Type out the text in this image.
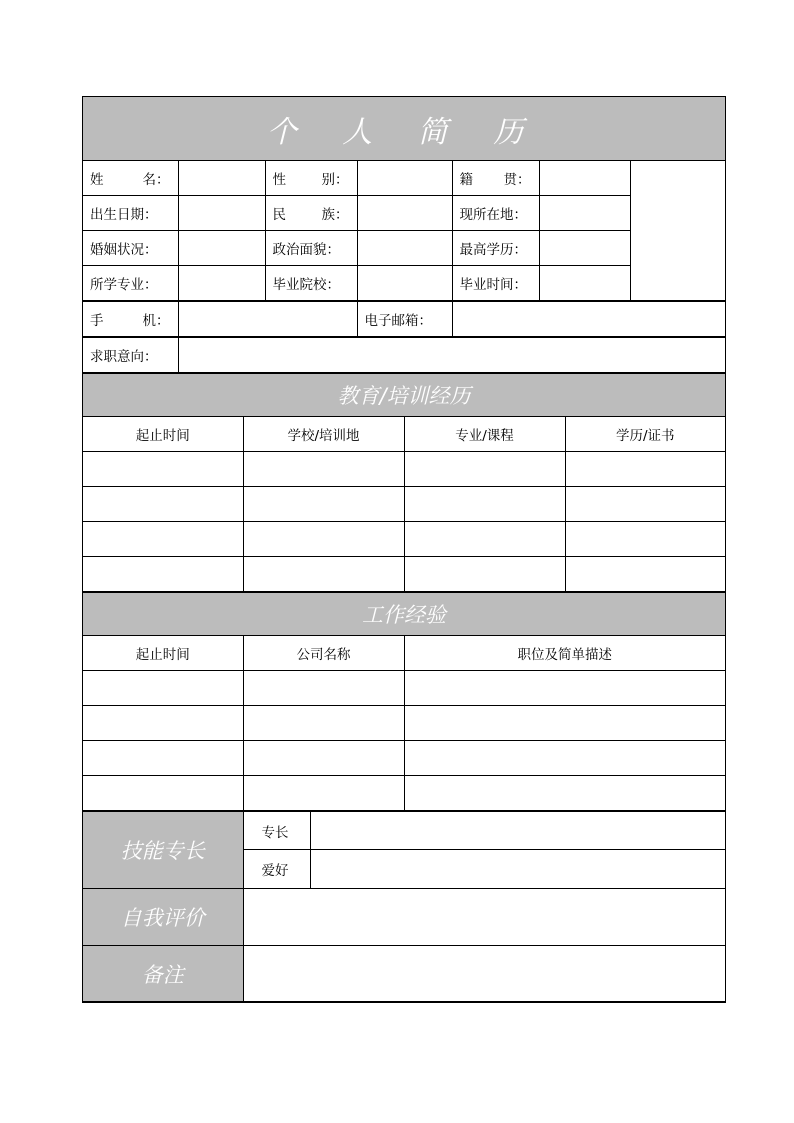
个 人 简 历						

姓 名：		性 别：		籍 贯：		

出生日期：		民 族：		现所在地：		
婚姻状况：		政治面貌：		最高学历：		
所学专业：		毕业院校：		毕业时间：		
手	机：		电子邮箱：	
求职意向：	
教育/培训经历			
起止时间	学校/培训地	专业/课程	学历/证书

工作经验		
起止时间	公司名称	职位及简单描述

技能专长	专长	
	爱好	
自我评价		
备注		
